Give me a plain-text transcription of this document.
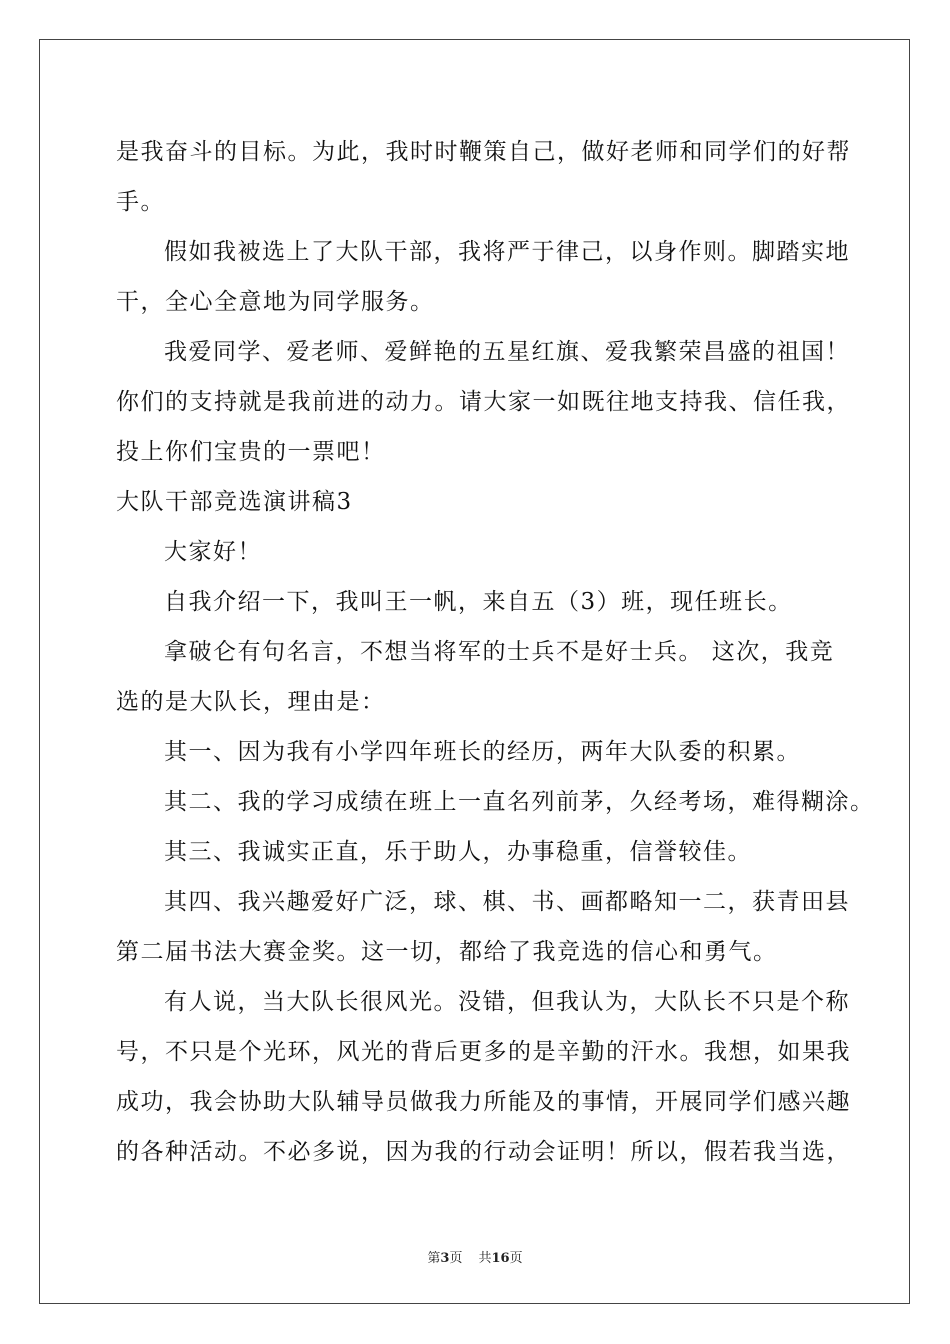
是我奋斗的目标。为此，我时时鞭策自己，做好老师和同学们的好帮
手。
假如我被选上了大队干部，我将严于律己，以身作则。脚踏实地
干，全心全意地为同学服务。
我爱同学、爱老师、爱鲜艳的五星红旗、爱我繁荣昌盛的祖国！
你们的支持就是我前进的动力。请大家一如既往地支持我、信任我，
投上你们宝贵的一票吧！
大队干部竞选演讲稿3
大家好！
自我介绍一下，我叫王一帆，来自五（3）班，现任班长。
拿破仑有句名言，不想当将军的士兵不是好士兵。 这次，我竞
选的是大队长，理由是：
其一、因为我有小学四年班长的经历，两年大队委的积累。
其二、我的学习成绩在班上一直名列前茅，久经考场，难得糊涂。
其三、我诚实正直，乐于助人，办事稳重，信誉较佳。
其四、我兴趣爱好广泛，球、棋、书、画都略知一二，获青田县
第二届书法大赛金奖。这一切，都给了我竞选的信心和勇气。
有人说，当大队长很风光。没错，但我认为，大队长不只是个称
号，不只是个光环，风光的背后更多的是辛勤的汗水。我想，如果我
成功，我会协助大队辅导员做我力所能及的事情，开展同学们感兴趣
的各种活动。不必多说，因为我的行动会证明！所以，假若我当选，
第3页 共16页
